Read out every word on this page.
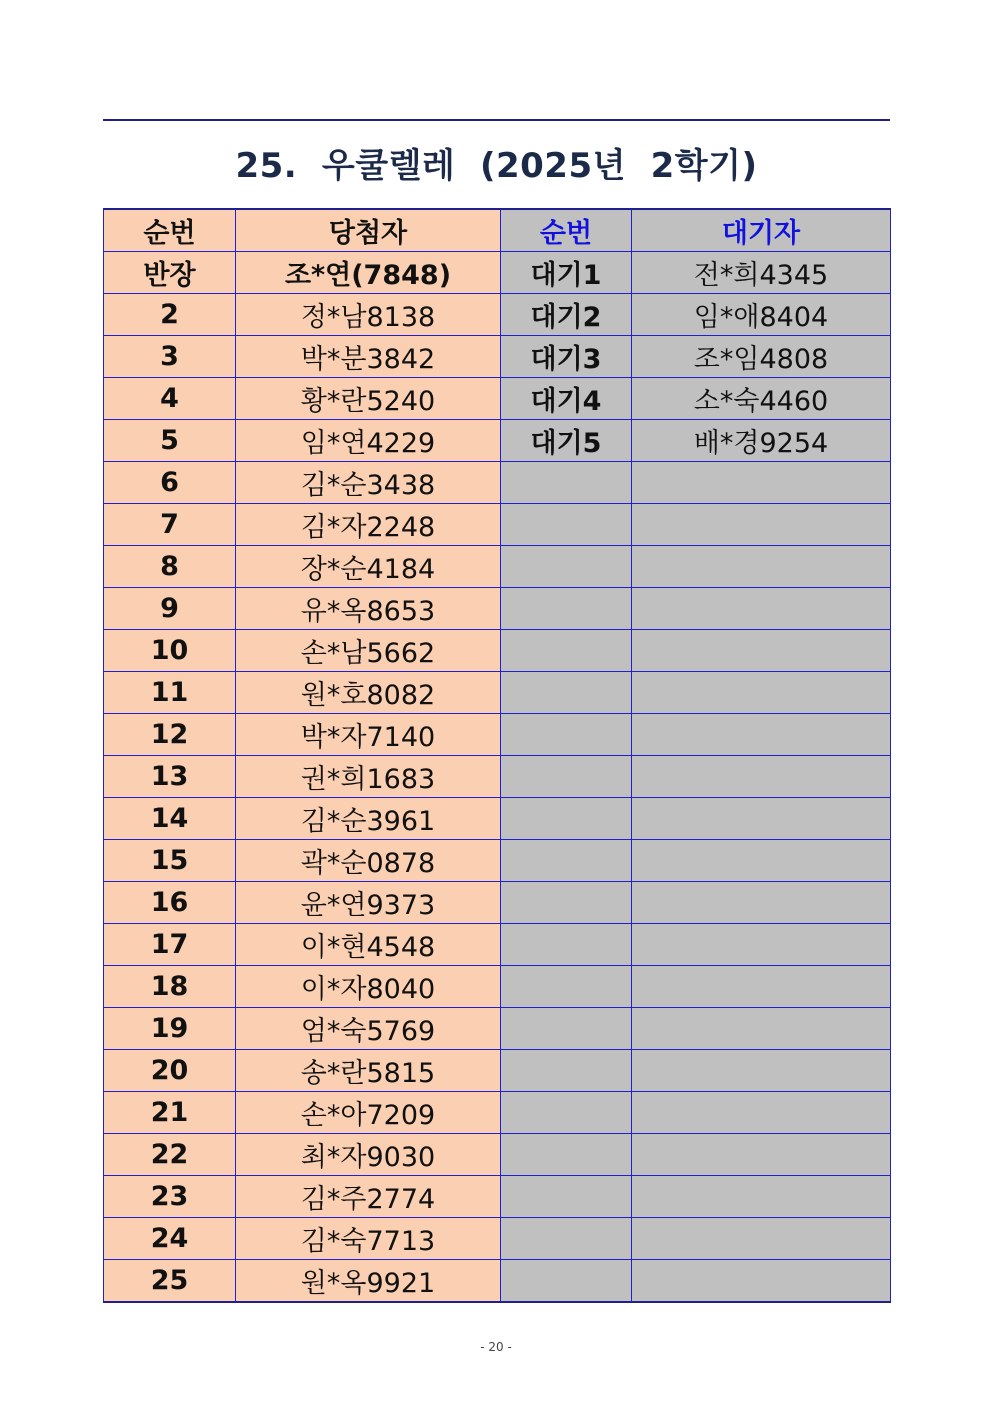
25.  우쿨렐레  (2025년  2학기)
순번	당첨자	순번	대기자
반장	조*연(7848)	대기1	전*희4345
2	정*남8138	대기2	임*애8404
3	박*분3842	대기3	조*임4808
4	황*란5240	대기4	소*숙4460
5	임*연4229	대기5	배*경9254
6	김*순3438		
7	김*자2248		
8	장*순4184		
9	유*옥8653		
10	손*남5662		
11	원*호8082		
12	박*자7140		
13	권*희1683		
14	김*순3961		
15	곽*순0878		
16	윤*연9373		
17	이*현4548		
18	이*자8040		
19	엄*숙5769		
20	송*란5815		
21	손*아7209		
22	최*자9030		
23	김*주2774		
24	김*숙7713		
25	원*옥9921		
- 20 -
